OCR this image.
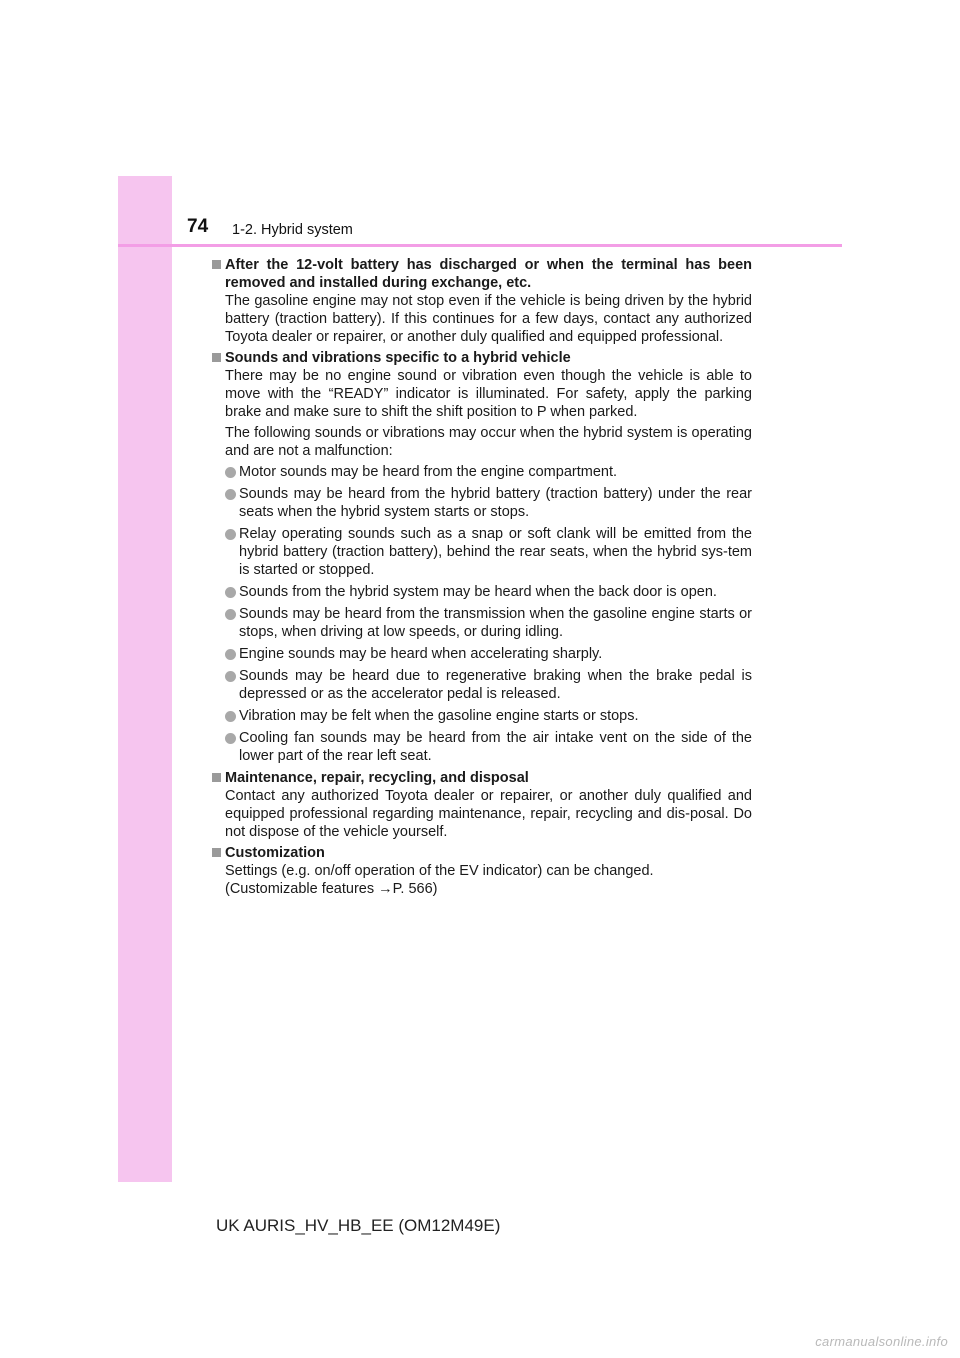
74 1-2. Hybrid system
After the 12-volt battery has discharged or when the terminal has been removed and installed during exchange, etc.
The gasoline engine may not stop even if the vehicle is being driven by the hybrid battery (traction battery). If this continues for a few days, contact any authorized Toyota dealer or repairer, or another duly qualified and equipped professional.
Sounds and vibrations specific to a hybrid vehicle
There may be no engine sound or vibration even though the vehicle is able to move with the “READY” indicator is illuminated. For safety, apply the parking brake and make sure to shift the shift position to P when parked.
The following sounds or vibrations may occur when the hybrid system is operating and are not a malfunction:
Motor sounds may be heard from the engine compartment.
Sounds may be heard from the hybrid battery (traction battery) under the rear seats when the hybrid system starts or stops.
Relay operating sounds such as a snap or soft clank will be emitted from the hybrid battery (traction battery), behind the rear seats, when the hybrid sys-tem is started or stopped.
Sounds from the hybrid system may be heard when the back door is open.
Sounds may be heard from the transmission when the gasoline engine starts or stops, when driving at low speeds, or during idling.
Engine sounds may be heard when accelerating sharply.
Sounds may be heard due to regenerative braking when the brake pedal is depressed or as the accelerator pedal is released.
Vibration may be felt when the gasoline engine starts or stops.
Cooling fan sounds may be heard from the air intake vent on the side of the lower part of the rear left seat.
Maintenance, repair, recycling, and disposal
Contact any authorized Toyota dealer or repairer, or another duly qualified and equipped professional regarding maintenance, repair, recycling and dis-posal. Do not dispose of the vehicle yourself.
Customization
Settings (e.g. on/off operation of the EV indicator) can be changed.
(Customizable features →P. 566)
UK AURIS_HV_HB_EE (OM12M49E)
carmanualsonline.info
